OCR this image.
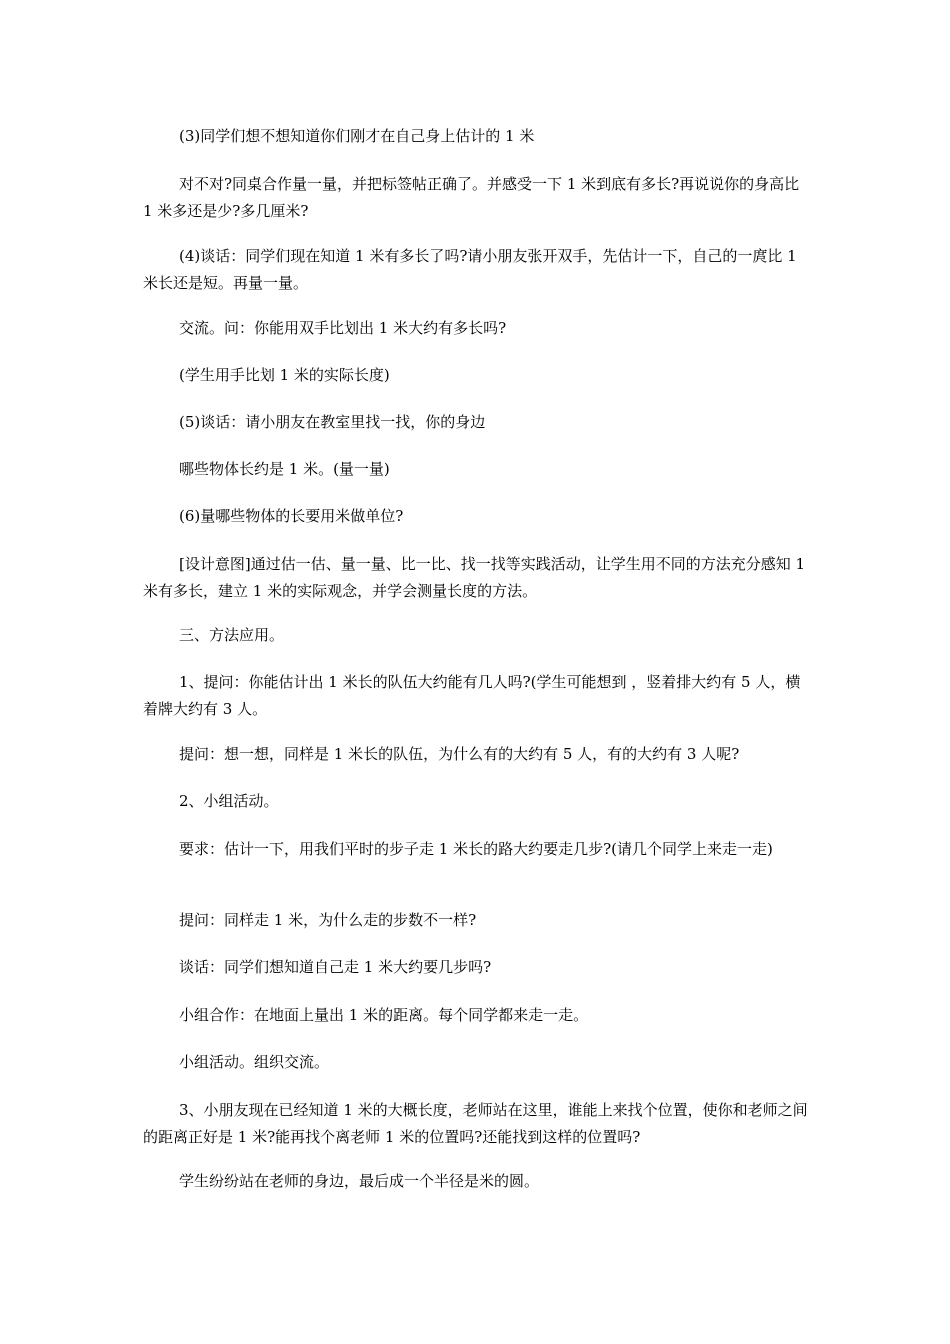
(3)同学们想不想知道你们刚才在自己身上估计的 1 米

对不对?同桌合作量一量，并把标签帖正确了。并感受一下 1 米到底有多长?再说说你的身高比 1 米多还是少?多几厘米?

(4)谈话：同学们现在知道 1 米有多长了吗?请小朋友张开双手，先估计一下，自己的一庹比 1 米长还是短。再量一量。

交流。问：你能用双手比划出 1 米大约有多长吗?

(学生用手比划 1 米的实际长度)

(5)谈话：请小朋友在教室里找一找，你的身边

哪些物体长约是 1 米。(量一量)

(6)量哪些物体的长要用米做单位?

[设计意图]通过估一估、量一量、比一比、找一找等实践活动，让学生用不同的方法充分感知 1 米有多长，建立 1 米的实际观念，并学会测量长度的方法。

三、方法应用。

1、提问：你能估计出 1 米长的队伍大约能有几人吗?(学生可能想到 ，竖着排大约有 5 人，横着牌大约有 3 人。

提问：想一想，同样是 1 米长的队伍，为什么有的大约有 5 人，有的大约有 3 人呢?

2、小组活动。

要求：估计一下，用我们平时的步子走 1 米长的路大约要走几步?(请几个同学上来走一走)

提问：同样走 1 米，为什么走的步数不一样?

谈话：同学们想知道自己走 1 米大约要几步吗?

小组合作：在地面上量出 1 米的距离。每个同学都来走一走。

小组活动。组织交流。

3、小朋友现在已经知道 1 米的大概长度，老师站在这里，谁能上来找个位置，使你和老师之间的距离正好是 1 米?能再找个离老师 1 米的位置吗?还能找到这样的位置吗?

学生纷纷站在老师的身边，最后成一个半径是米的圆。
